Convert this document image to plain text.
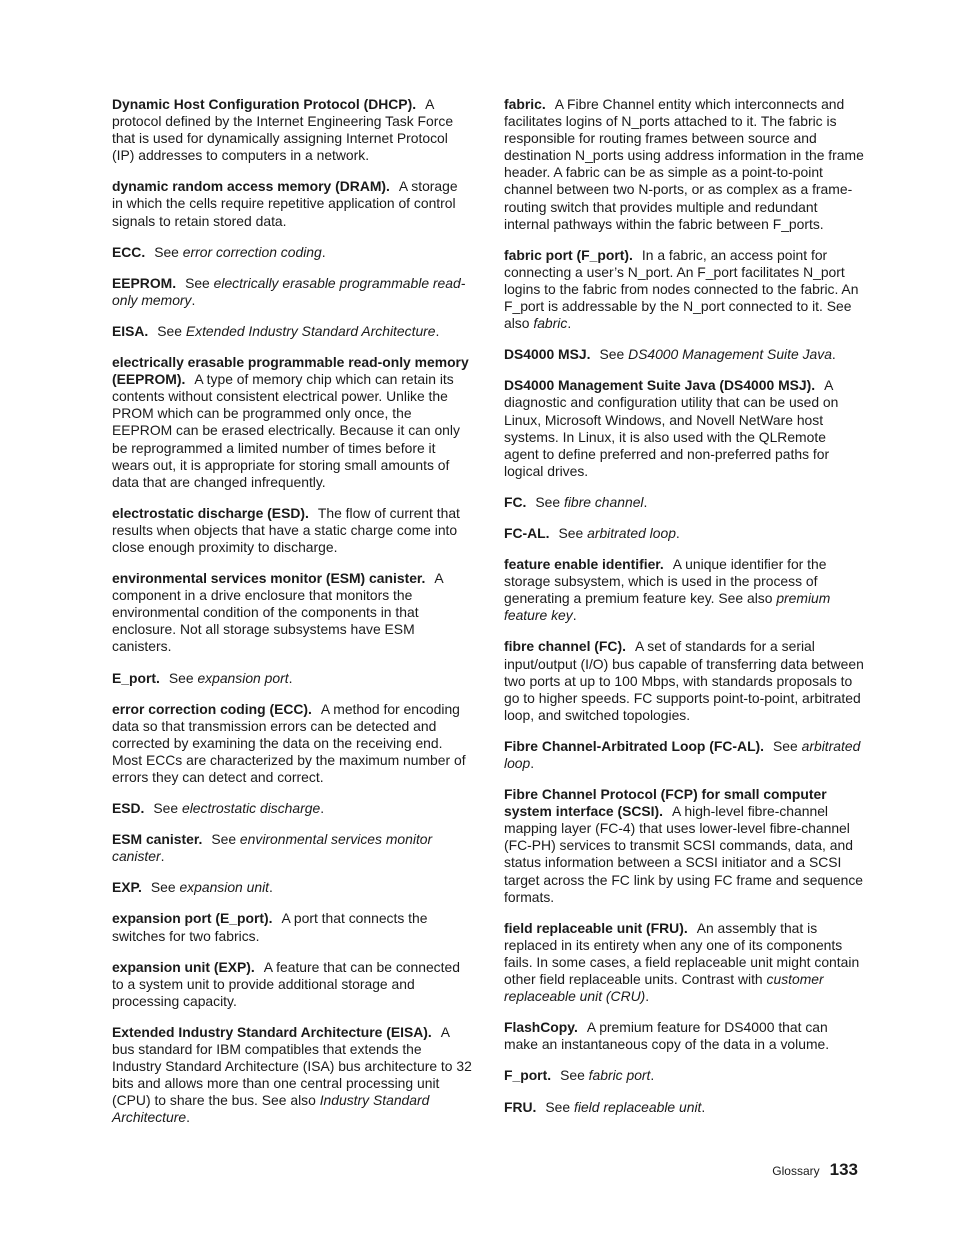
Dynamic Host Configuration Protocol (DHCP). A protocol defined by the Internet Engineering Task Force that is used for dynamically assigning Internet Protocol (IP) addresses to computers in a network.

dynamic random access memory (DRAM). A storage in which the cells require repetitive application of control signals to retain stored data.

ECC. See error correction coding.

EEPROM. See electrically erasable programmable read-only memory.

EISA. See Extended Industry Standard Architecture.

electrically erasable programmable read-only memory (EEPROM). A type of memory chip which can retain its contents without consistent electrical power. Unlike the PROM which can be programmed only once, the EEPROM can be erased electrically. Because it can only be reprogrammed a limited number of times before it wears out, it is appropriate for storing small amounts of data that are changed infrequently.

electrostatic discharge (ESD). The flow of current that results when objects that have a static charge come into close enough proximity to discharge.

environmental services monitor (ESM) canister. A component in a drive enclosure that monitors the environmental condition of the components in that enclosure. Not all storage subsystems have ESM canisters.

E_port. See expansion port.

error correction coding (ECC). A method for encoding data so that transmission errors can be detected and corrected by examining the data on the receiving end. Most ECCs are characterized by the maximum number of errors they can detect and correct.

ESD. See electrostatic discharge.

ESM canister. See environmental services monitor canister.

EXP. See expansion unit.

expansion port (E_port). A port that connects the switches for two fabrics.

expansion unit (EXP). A feature that can be connected to a system unit to provide additional storage and processing capacity.

Extended Industry Standard Architecture (EISA). A bus standard for IBM compatibles that extends the Industry Standard Architecture (ISA) bus architecture to 32 bits and allows more than one central processing unit (CPU) to share the bus. See also Industry Standard Architecture.

fabric. A Fibre Channel entity which interconnects and facilitates logins of N_ports attached to it. The fabric is responsible for routing frames between source and destination N_ports using address information in the frame header. A fabric can be as simple as a point-to-point channel between two N-ports, or as complex as a frame-routing switch that provides multiple and redundant internal pathways within the fabric between F_ports.

fabric port (F_port). In a fabric, an access point for connecting a user’s N_port. An F_port facilitates N_port logins to the fabric from nodes connected to the fabric. An F_port is addressable by the N_port connected to it. See also fabric.

DS4000 MSJ. See DS4000 Management Suite Java.

DS4000 Management Suite Java (DS4000 MSJ). A diagnostic and configuration utility that can be used on Linux, Microsoft Windows, and Novell NetWare host systems. In Linux, it is also used with the QLRemote agent to define preferred and non-preferred paths for logical drives.

FC. See fibre channel.

FC-AL. See arbitrated loop.

feature enable identifier. A unique identifier for the storage subsystem, which is used in the process of generating a premium feature key. See also premium feature key.

fibre channel (FC). A set of standards for a serial input/output (I/O) bus capable of transferring data between two ports at up to 100 Mbps, with standards proposals to go to higher speeds. FC supports point-to-point, arbitrated loop, and switched topologies.

Fibre Channel-Arbitrated Loop (FC-AL). See arbitrated loop.

Fibre Channel Protocol (FCP) for small computer system interface (SCSI). A high-level fibre-channel mapping layer (FC-4) that uses lower-level fibre-channel (FC-PH) services to transmit SCSI commands, data, and status information between a SCSI initiator and a SCSI target across the FC link by using FC frame and sequence formats.

field replaceable unit (FRU). An assembly that is replaced in its entirety when any one of its components fails. In some cases, a field replaceable unit might contain other field replaceable units. Contrast with customer replaceable unit (CRU).

FlashCopy. A premium feature for DS4000 that can make an instantaneous copy of the data in a volume.

F_port. See fabric port.

FRU. See field replaceable unit.

Glossary 133
